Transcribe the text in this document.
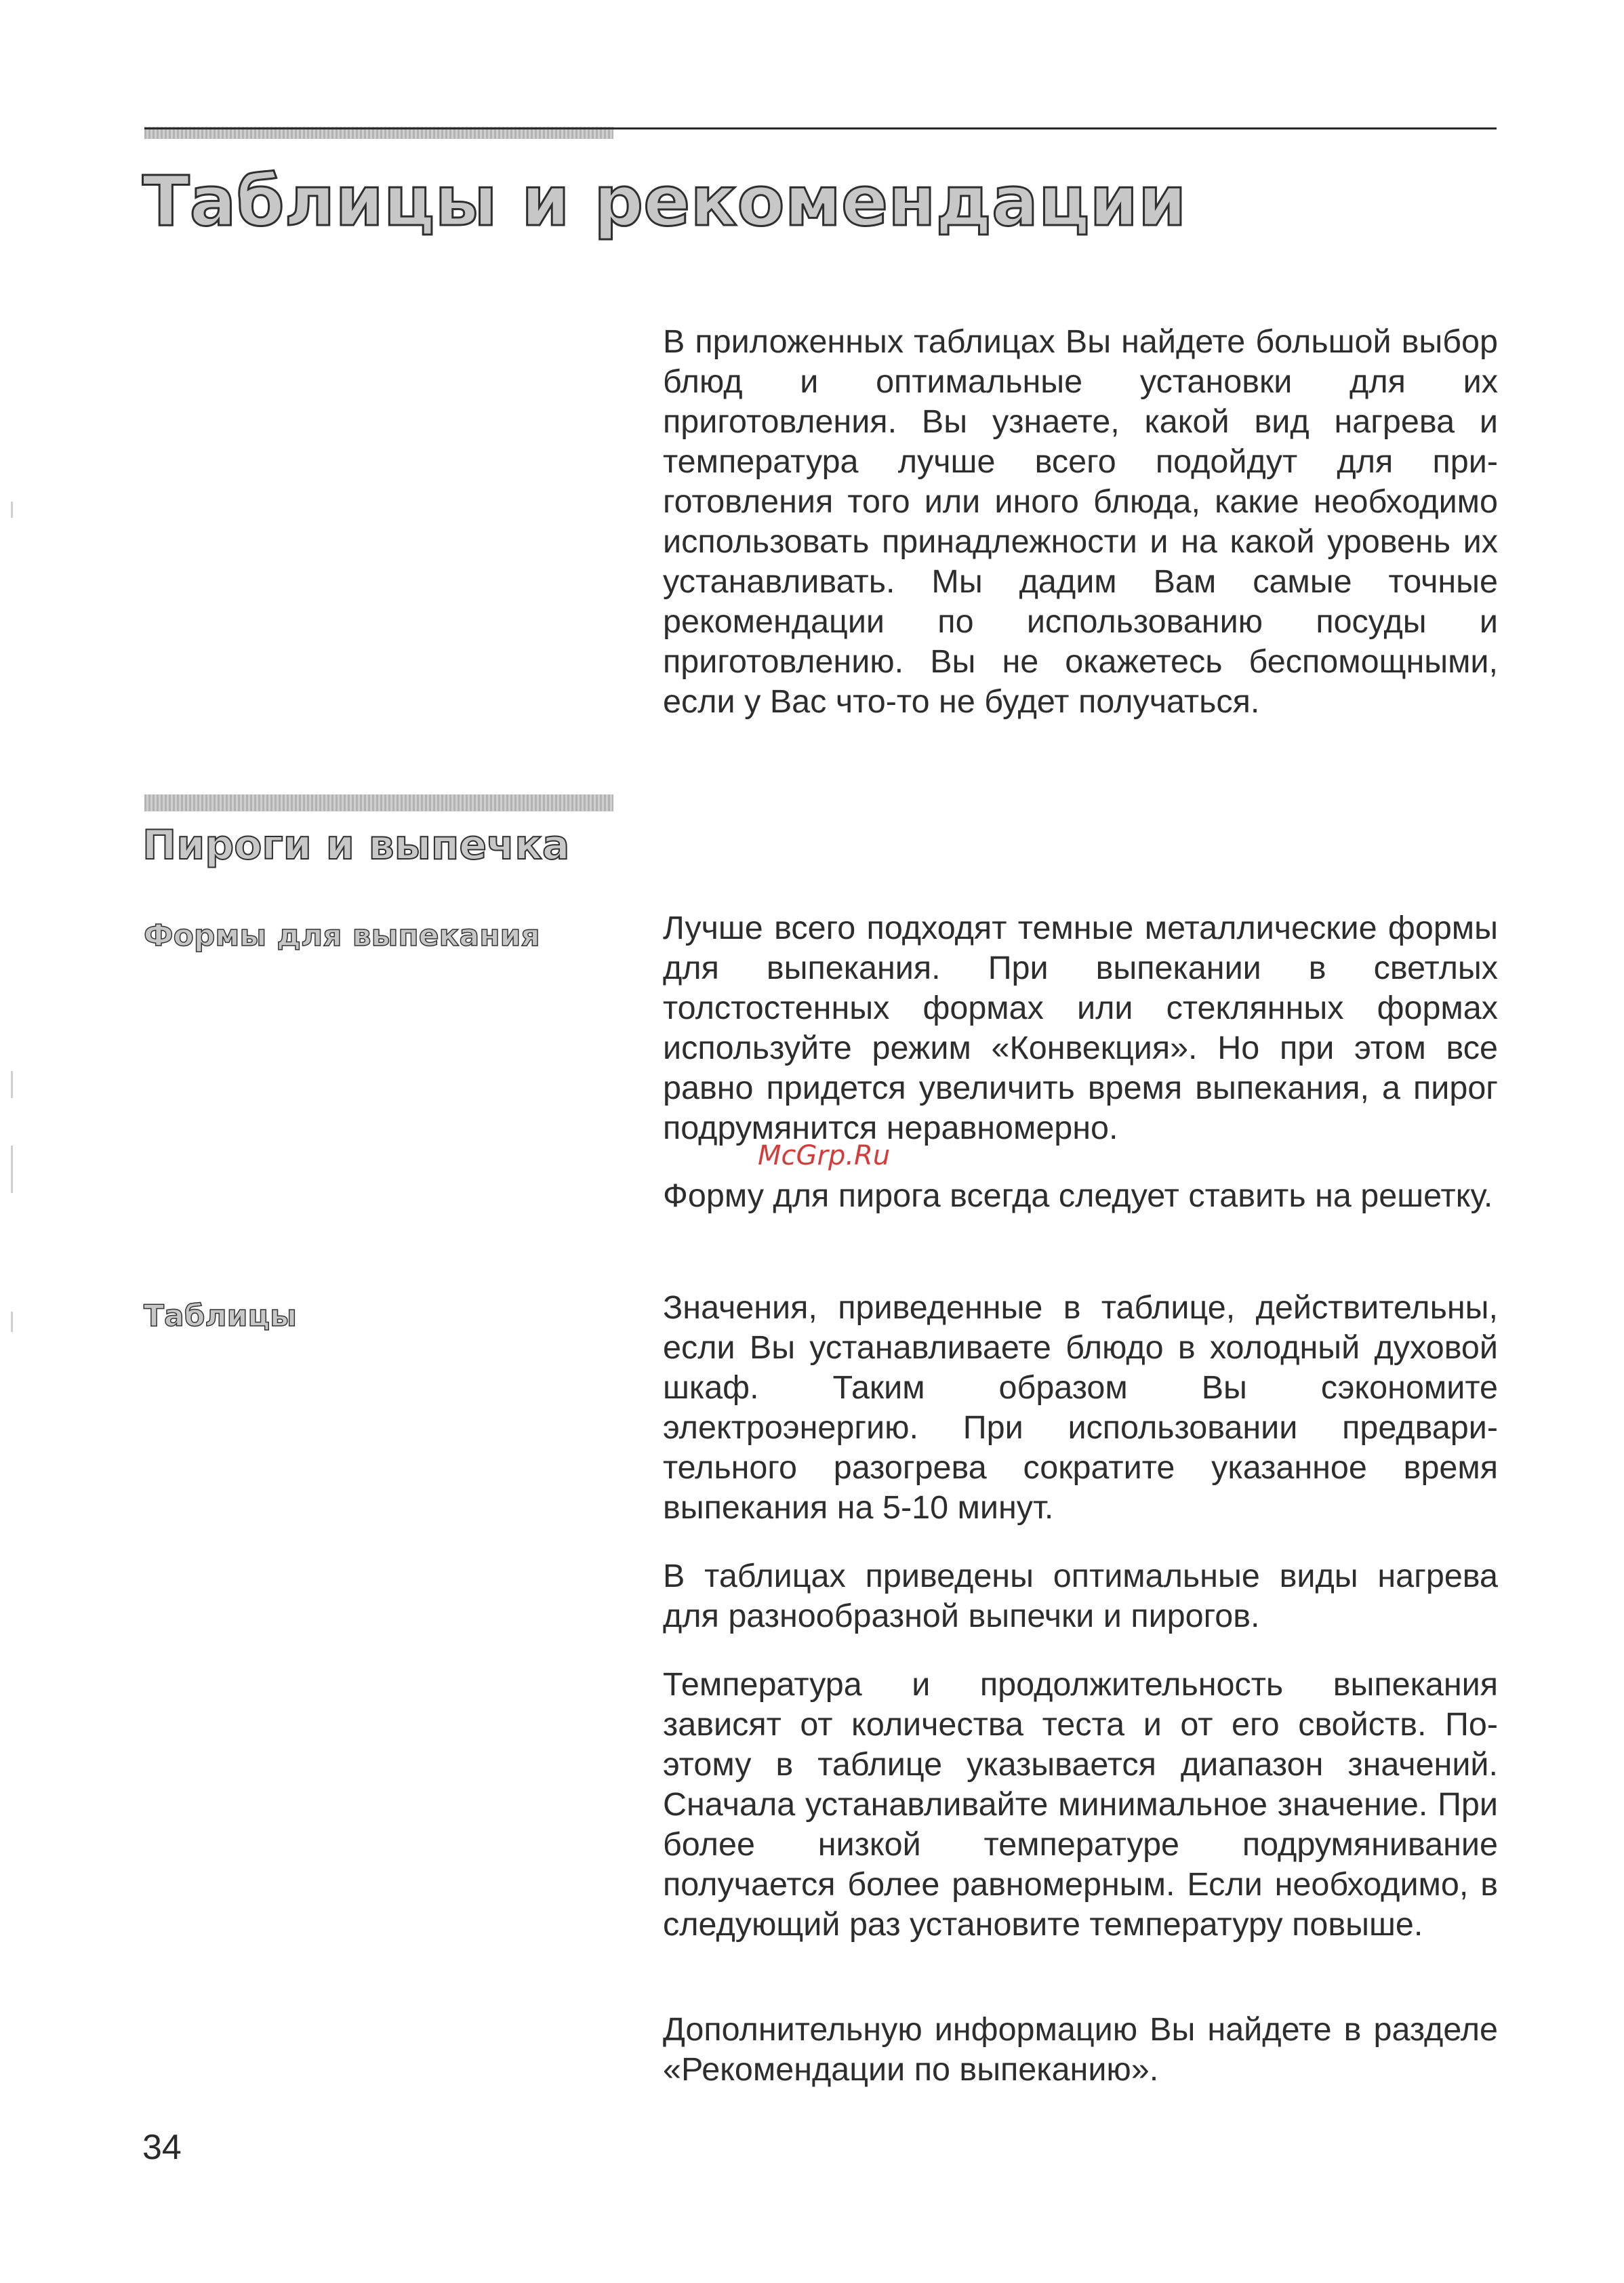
Таблицы и рекомендации

В приложенных таблицах Вы найдете большой выбор блюд и оптимальные установки для их приготовления. Вы узнаете, какой вид нагрева и температура лучше всего подойдут для приготовления того или иного блюда, какие необходимо использовать принадлежности и на какой уровень их устанавливать. Мы дадим Вам самые точные рекомендации по использованию посуды и приготовлению. Вы не окажетесь беспомощными, если у Вас что-то не будет получаться.

Пироги и выпечка
Формы для выпекания	Лучше всего подходят темные металлические формы для выпекания. При выпекании в светлых толстостенных формах или стеклянных формах используйте режим «Конвекция». Но при этом все равно придется увеличить время выпекания, а пирог подрумянится неравномерно.

Форму для пирога всегда следует ставить на решетку.

McGrp.Ru
Таблицы	Значения, приведенные в таблице, действительны, если Вы устанавливаете блюдо в холодный духовой шкаф. Таким образом Вы сэкономите электроэнергию. При использовании предварительного разогрева сократите указанное время выпекания на 5-10 минут.

В таблицах приведены оптимальные виды нагрева для разнообразной выпечки и пирогов.

Температура и продолжительность выпекания зависят от количества теста и от его свойств. Поэтому в таблице указывается диапазон значений. Сначала устанавливайте минимальное значение. При более низкой температуре подрумянивание получается более равномерным. Если необходимо, в следующий раз установите температуру повыше.

Дополнительную информацию Вы найдете в разделе «Рекомендации по выпеканию».

34
